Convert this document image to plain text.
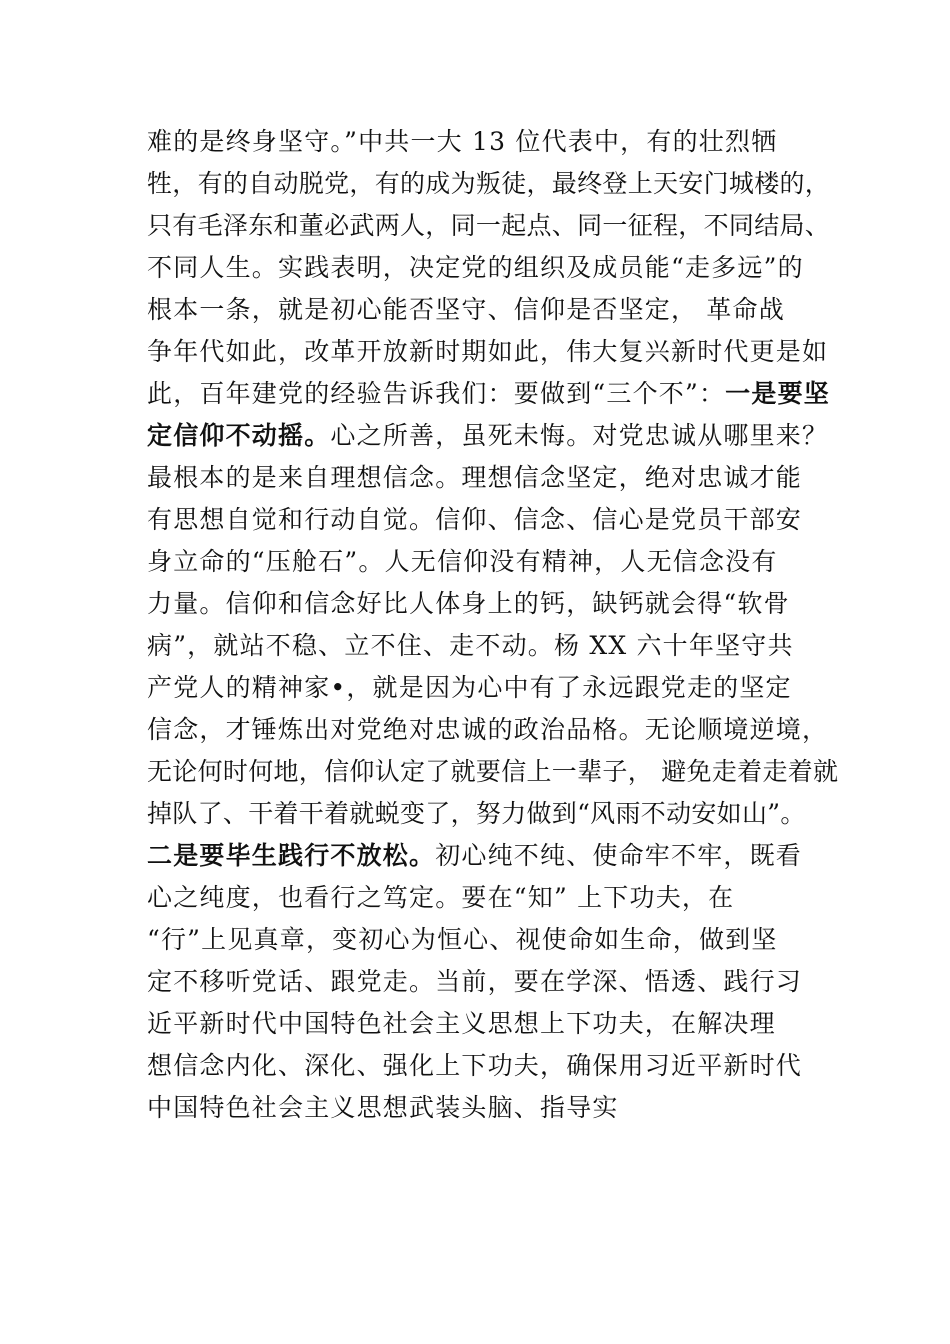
难的是终身坚守。”中共一大 13 位代表中，有的壮烈牺
牲，有的自动脱党，有的成为叛徒，最终登上天安门城楼的，
只有毛泽东和董必武两人，同一起点、同一征程，不同结局、
不同人生。实践表明，决定党的组织及成员能“走多远”的
根本一条，就是初心能否坚守、信仰是否坚定， 革命战
争年代如此，改革开放新时期如此，伟大复兴新时代更是如
此，百年建党的经验告诉我们：要做到“三个不”：一是要坚
定信仰不动摇。心之所善，虽死未悔。对党忠诚从哪里来？
最根本的是来自理想信念。理想信念坚定，绝对忠诚才能
有思想自觉和行动自觉。信仰、信念、信心是党员干部安
身立命的“压舱石”。人无信仰没有精神，人无信念没有
力量。信仰和信念好比人体身上的钙，缺钙就会得“软骨
病”，就站不稳、立不住、走不动。杨 XX 六十年坚守共
产党人的精神家•，就是因为心中有了永远跟党走的坚定
信念，才锤炼出对党绝对忠诚的政治品格。无论顺境逆境，
无论何时何地，信仰认定了就要信上一辈子， 避免走着走着就
掉队了、干着干着就蜕变了，努力做到“风雨不动安如山”。
二是要毕生践行不放松。初心纯不纯、使命牢不牢，既看
心之纯度，也看行之笃定。要在“知” 上下功夫，在
“行”上见真章，变初心为恒心、视使命如生命，做到坚
定不移听党话、跟党走。当前，要在学深、悟透、践行习
近平新时代中国特色社会主义思想上下功夫，在解决理
想信念内化、深化、强化上下功夫，确保用习近平新时代
中国特色社会主义思想武装头脑、指导实
